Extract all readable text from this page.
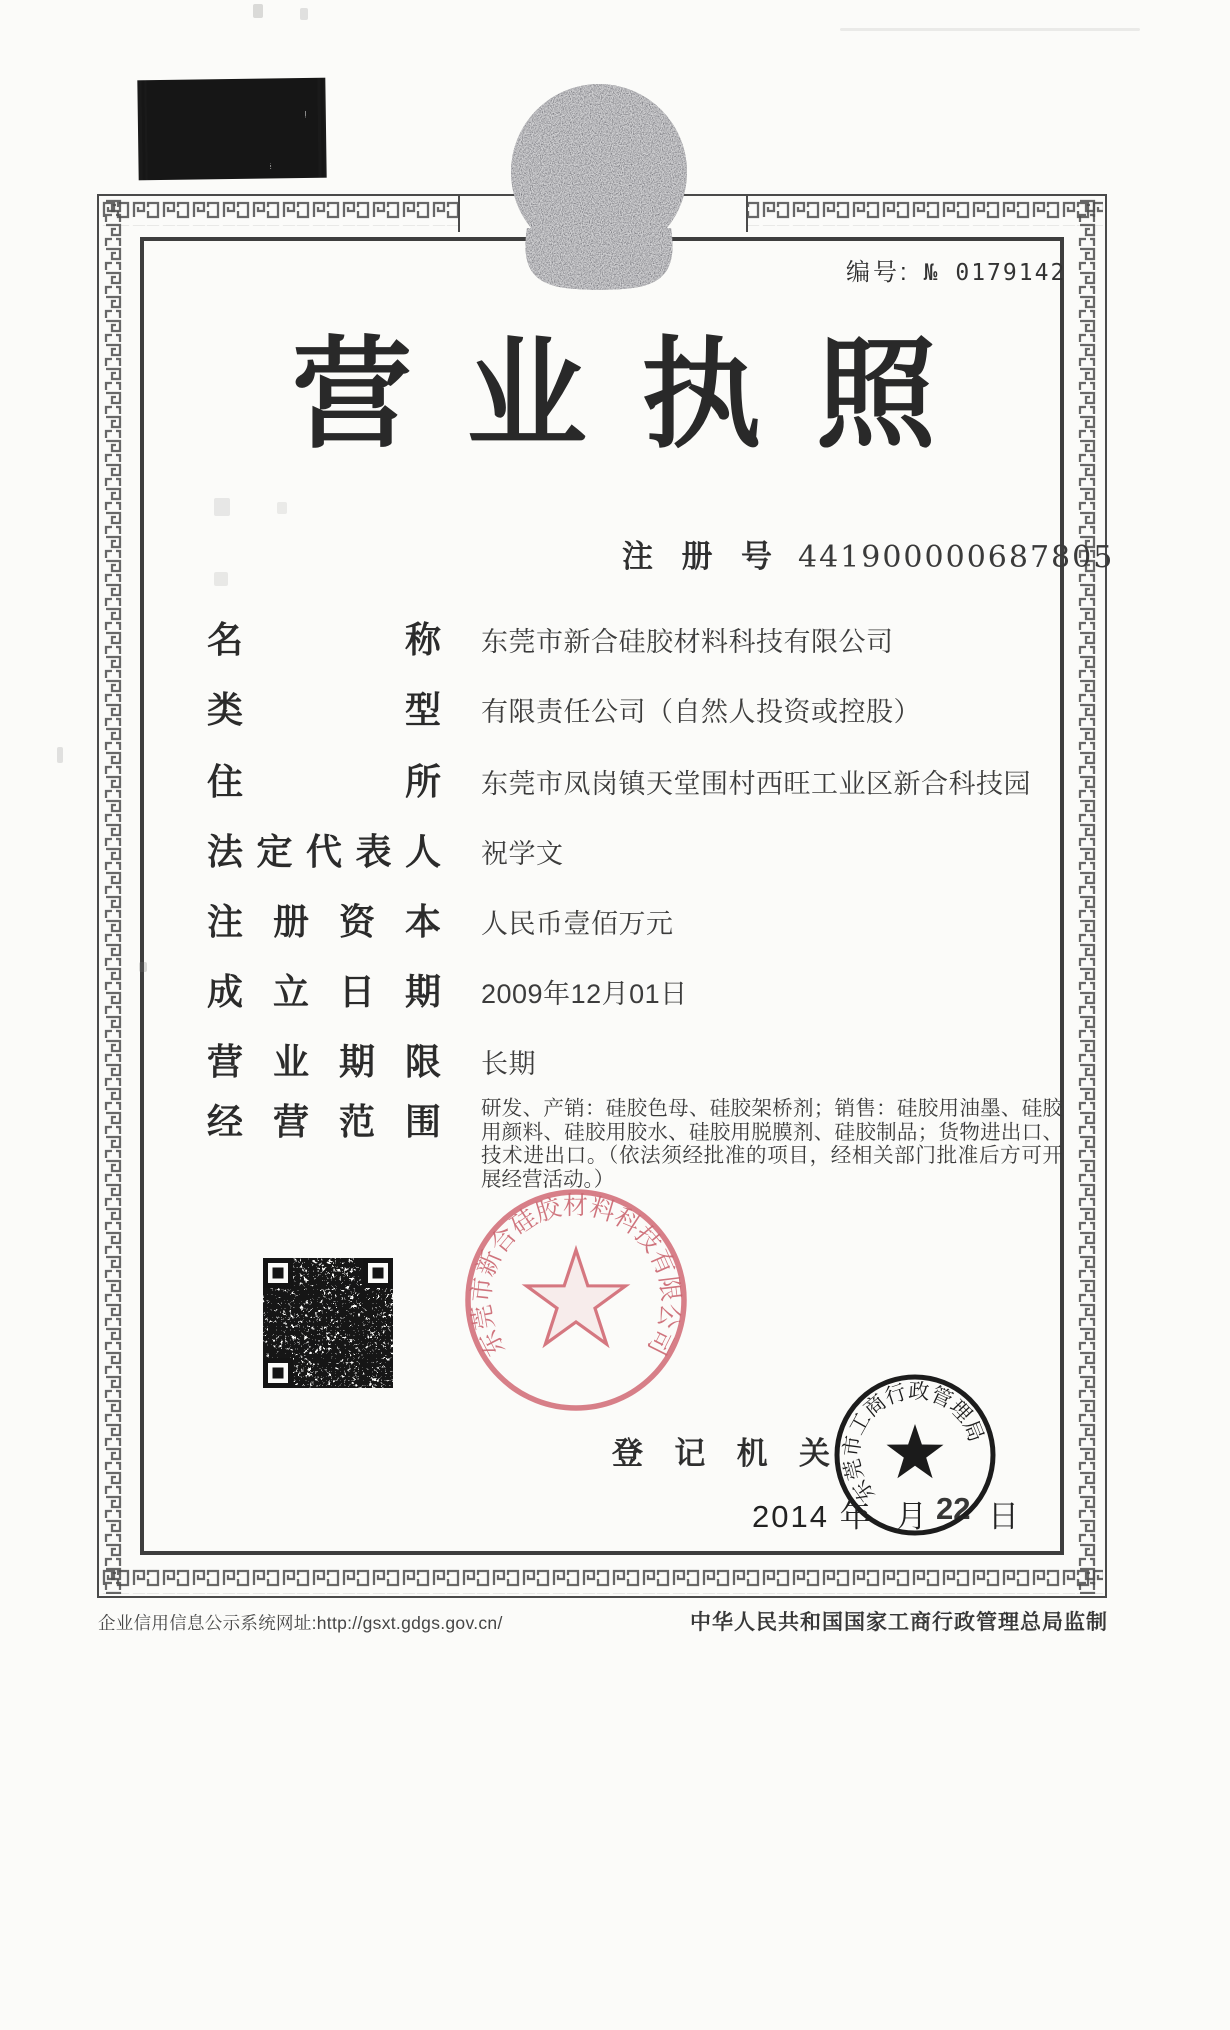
编号: № 0179142
营 业 执 照
注 册 号 441900000687805
名	称 东莞市新合硅胶材料科技有限公司
类	型 有限责任公司（自然人投资或控股）
住	所 东莞市凤岗镇天堂围村西旺工业区新合科技园
法 定 代 表 人 祝学文
注 册 资 本 人民币壹佰万元
成 立 日 期 2009年12月01日
营 业 期 限 长期
经 营 范 围 研发、产销：硅胶色母、硅胶架桥剂；销售：硅胶用油墨、硅胶用颜料、硅胶用胶水、硅胶用脱膜剂、硅胶制品；货物进出口、技术进出口。（依法须经批准的项目，经相关部门批准后方可开展经营活动。）
东莞市新合硅胶材料科技有限公司
登 记 机 关
东莞市工商行政管理局
2014 年 月 22 日
企业信用信息公示系统网址:http://gsxt.gdgs.gov.cn/	中华人民共和国国家工商行政管理总局监制
